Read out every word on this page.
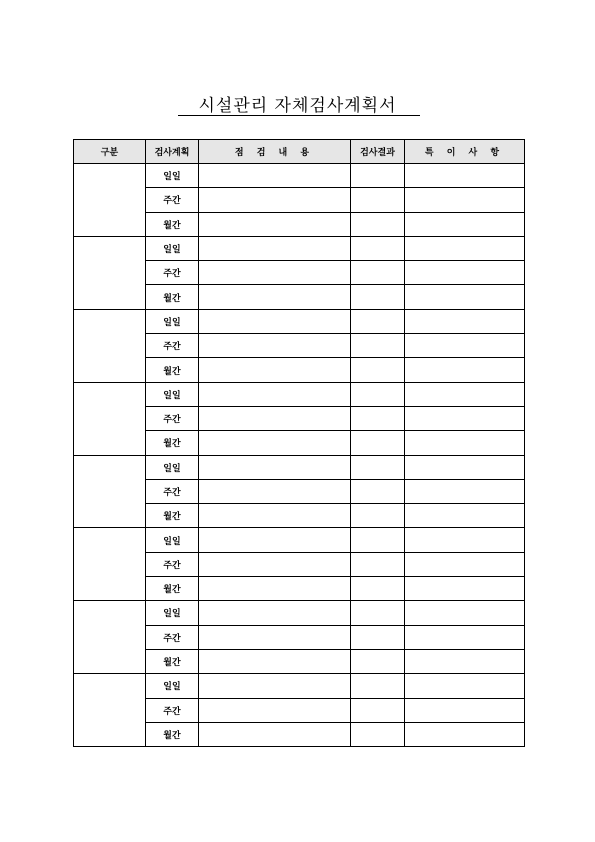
시설관리 자체검사계획서
구분	검사계획	점 검 내 용	검사결과	특 이 사 항
	일일			
	주간			
	월간			
	일일			
	주간			
	월간			
	일일			
	주간			
	월간			
	일일			
	주간			
	월간			
	일일			
	주간			
	월간			
	일일			
	주간			
	월간			
	일일			
	주간			
	월간			
	일일			
	주간			
	월간			
